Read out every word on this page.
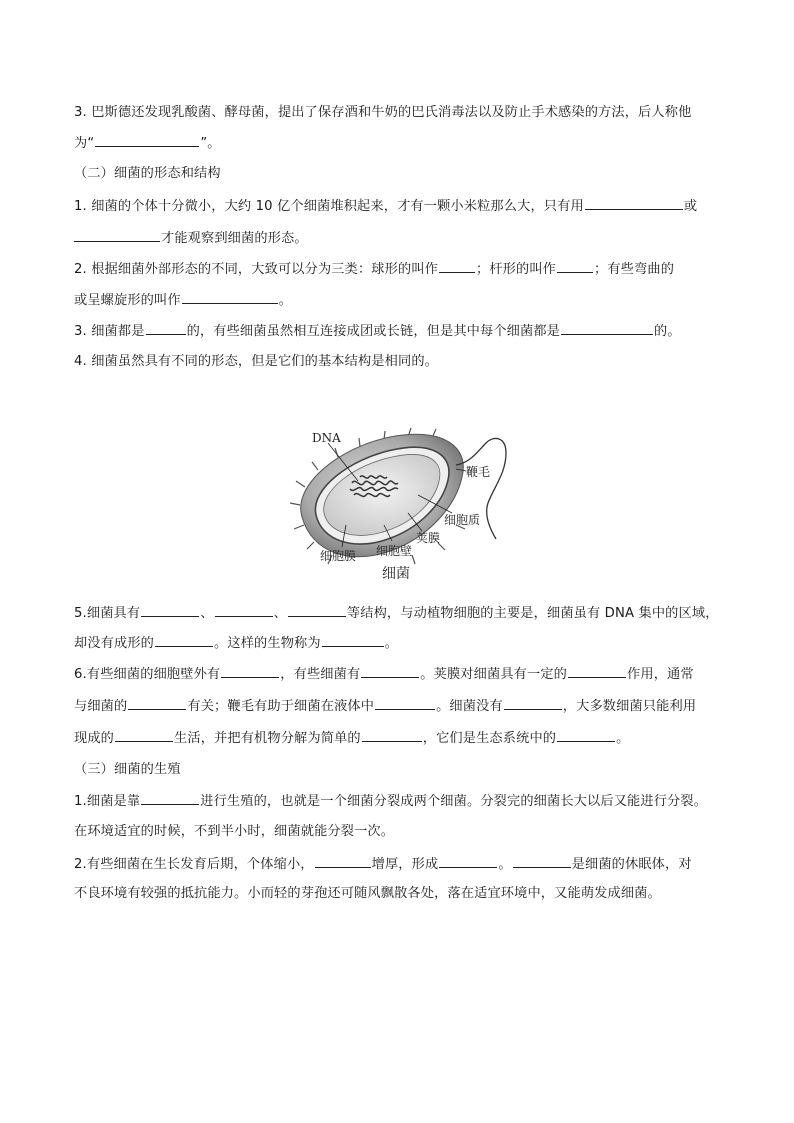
3. 巴斯德还发现乳酸菌、酵母菌，提出了保存酒和牛奶的巴氏消毒法以及防止手术感染的方法，后人称他
为“	”。
（二）细菌的形态和结构
1. 细菌的个体十分微小，大约 10 亿个细菌堆积起来，才有一颗小米粒那么大，只有用	或
才能观察到细菌的形态。
2. 根据细菌外部形态的不同，大致可以分为三类：球形的叫作	；杆形的叫作	；有些弯曲的
或呈螺旋形的叫作	。
3. 细菌都是	的，有些细菌虽然相互连接成团或长链，但是其中每个细菌都是	的。
4. 细菌虽然具有不同的形态，但是它们的基本结构是相同的。
DNA
鞭毛
细胞质
荚膜
细胞壁
细胞膜
细菌
5.细菌具有	、	、	等结构，与动植物细胞的主要是，细菌虽有 DNA 集中的区域，
却没有成形的	。这样的生物称为	。
6.有些细菌的细胞壁外有	，有些细菌有	。荚膜对细菌具有一定的	作用，通常
与细菌的	有关；鞭毛有助于细菌在液体中	。细菌没有	，大多数细菌只能利用
现成的	生活，并把有机物分解为简单的	，它们是生态系统中的	。
（三）细菌的生殖
1.细菌是靠	进行生殖的，也就是一个细菌分裂成两个细菌。分裂完的细菌长大以后又能进行分裂。
在环境适宜的时候，不到半小时，细菌就能分裂一次。
2.有些细菌在生长发育后期，个体缩小，	增厚，形成	。	是细菌的休眠体，对
不良环境有较强的抵抗能力。小而轻的芽孢还可随风飘散各处，落在适宜环境中，又能萌发成细菌。
